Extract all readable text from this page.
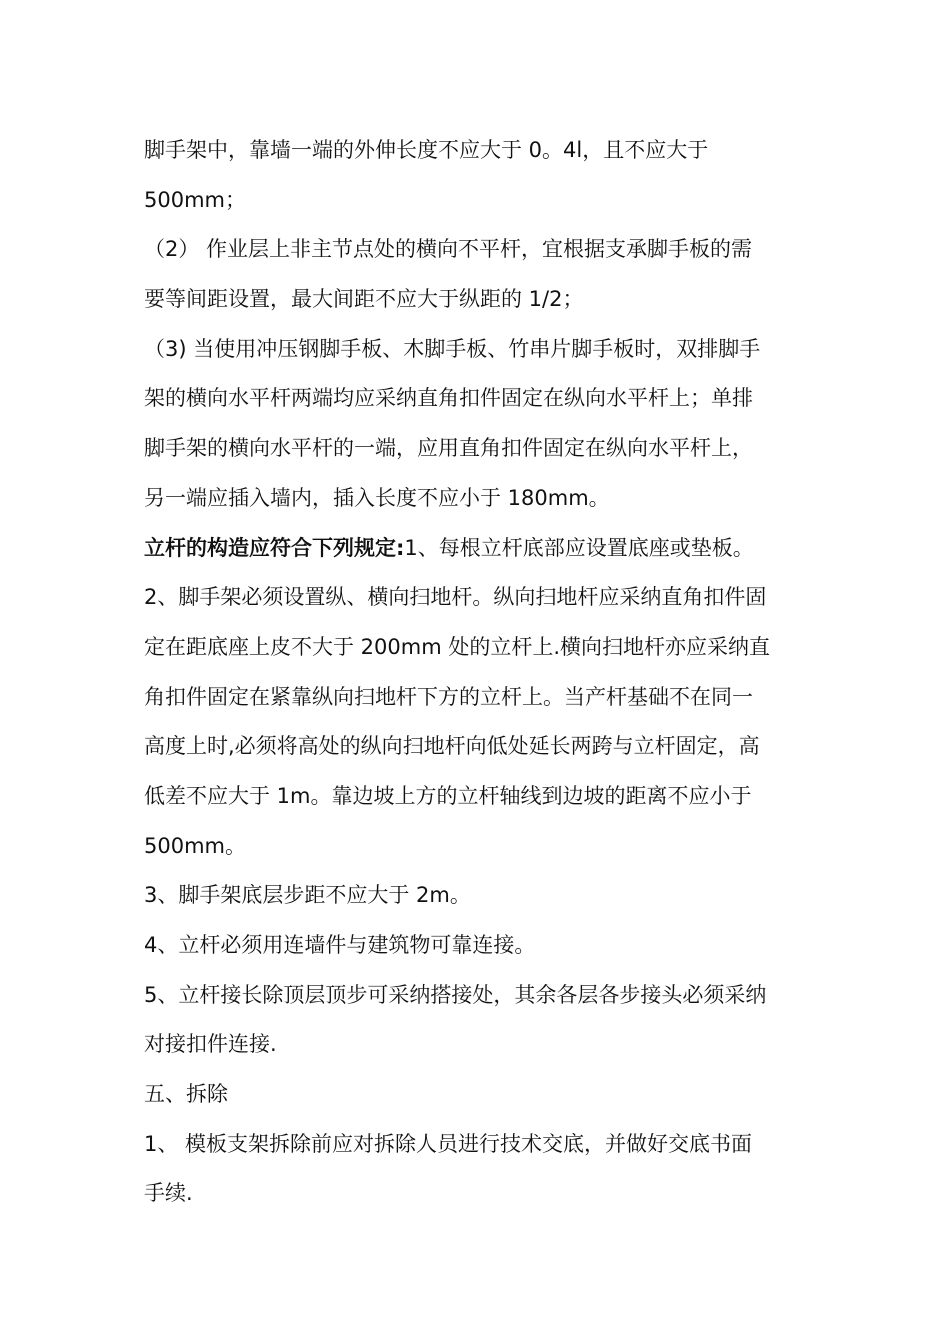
脚手架中，靠墙一端的外伸长度不应大于 0。4l，且不应大于
500mm；
（2） 作业层上非主节点处的横向不平杆，宜根据支承脚手板的需
要等间距设置，最大间距不应大于纵距的 1/2；
（3) 当使用冲压钢脚手板、木脚手板、竹串片脚手板时，双排脚手
架的横向水平杆两端均应采纳直角扣件固定在纵向水平杆上；单排
脚手架的横向水平杆的一端，应用直角扣件固定在纵向水平杆上，
另一端应插入墙内，插入长度不应小于 180mm。
立杆的构造应符合下列规定:1、每根立杆底部应设置底座或垫板。
2、脚手架必须设置纵、横向扫地杆。纵向扫地杆应采纳直角扣件固
定在距底座上皮不大于 200mm 处的立杆上.横向扫地杆亦应采纳直
角扣件固定在紧靠纵向扫地杆下方的立杆上。当产杆基础不在同一
高度上时,必须将高处的纵向扫地杆向低处延长两跨与立杆固定，高
低差不应大于 1m。靠边坡上方的立杆轴线到边坡的距离不应小于
500mm。
3、脚手架底层步距不应大于 2m。
4、立杆必须用连墙件与建筑物可靠连接。
5、立杆接长除顶层顶步可采纳搭接处，其余各层各步接头必须采纳
对接扣件连接.
五、拆除
1、 模板支架拆除前应对拆除人员进行技术交底，并做好交底书面
手续.
